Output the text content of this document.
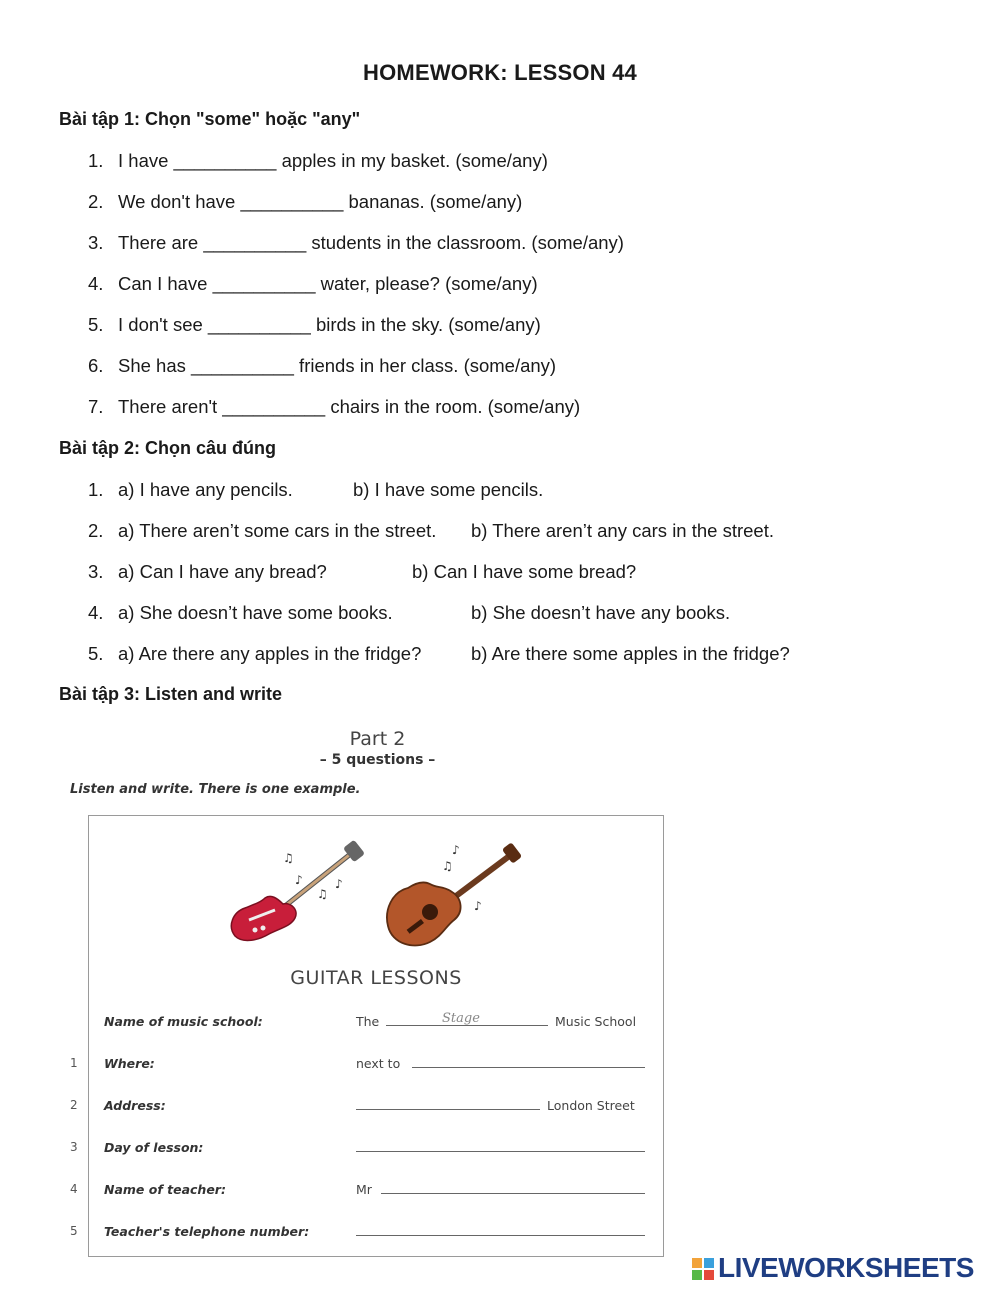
HOMEWORK: LESSON 44
Bài tập 1: Chọn "some" hoặc "any"
1. I have __________ apples in my basket. (some/any)
2. We don't have __________ bananas. (some/any)
3. There are __________ students in the classroom. (some/any)
4. Can I have __________ water, please? (some/any)
5. I don't see __________ birds in the sky. (some/any)
6. She has __________ friends in her class. (some/any)
7. There aren't __________ chairs in the room. (some/any)
Bài tập 2: Chọn câu đúng
1. a) I have any pencils.	b) I have some pencils.
2. a) There aren’t some cars in the street. b) There aren’t any cars in the street.
3. a) Can I have any bread?	b) Can I have some bread?
4. a) She doesn’t have some books.	b) She doesn’t have any books.
5. a) Are there any apples in the fridge?	b) Are there some apples in the fridge?
Bài tập 3: Listen and write
Part 2
– 5 questions –
Listen and write. There is one example.
♫
♪
♫
♪
♪
♫
♪
GUITAR LESSONS
Name of music school:	The	Stage	Music School
1 Where:	next to
2 Address:	London Street
3 Day of lesson:
4 Name of teacher:	Mr
5 Teacher's telephone number:
LIVEWORKSHEETS
